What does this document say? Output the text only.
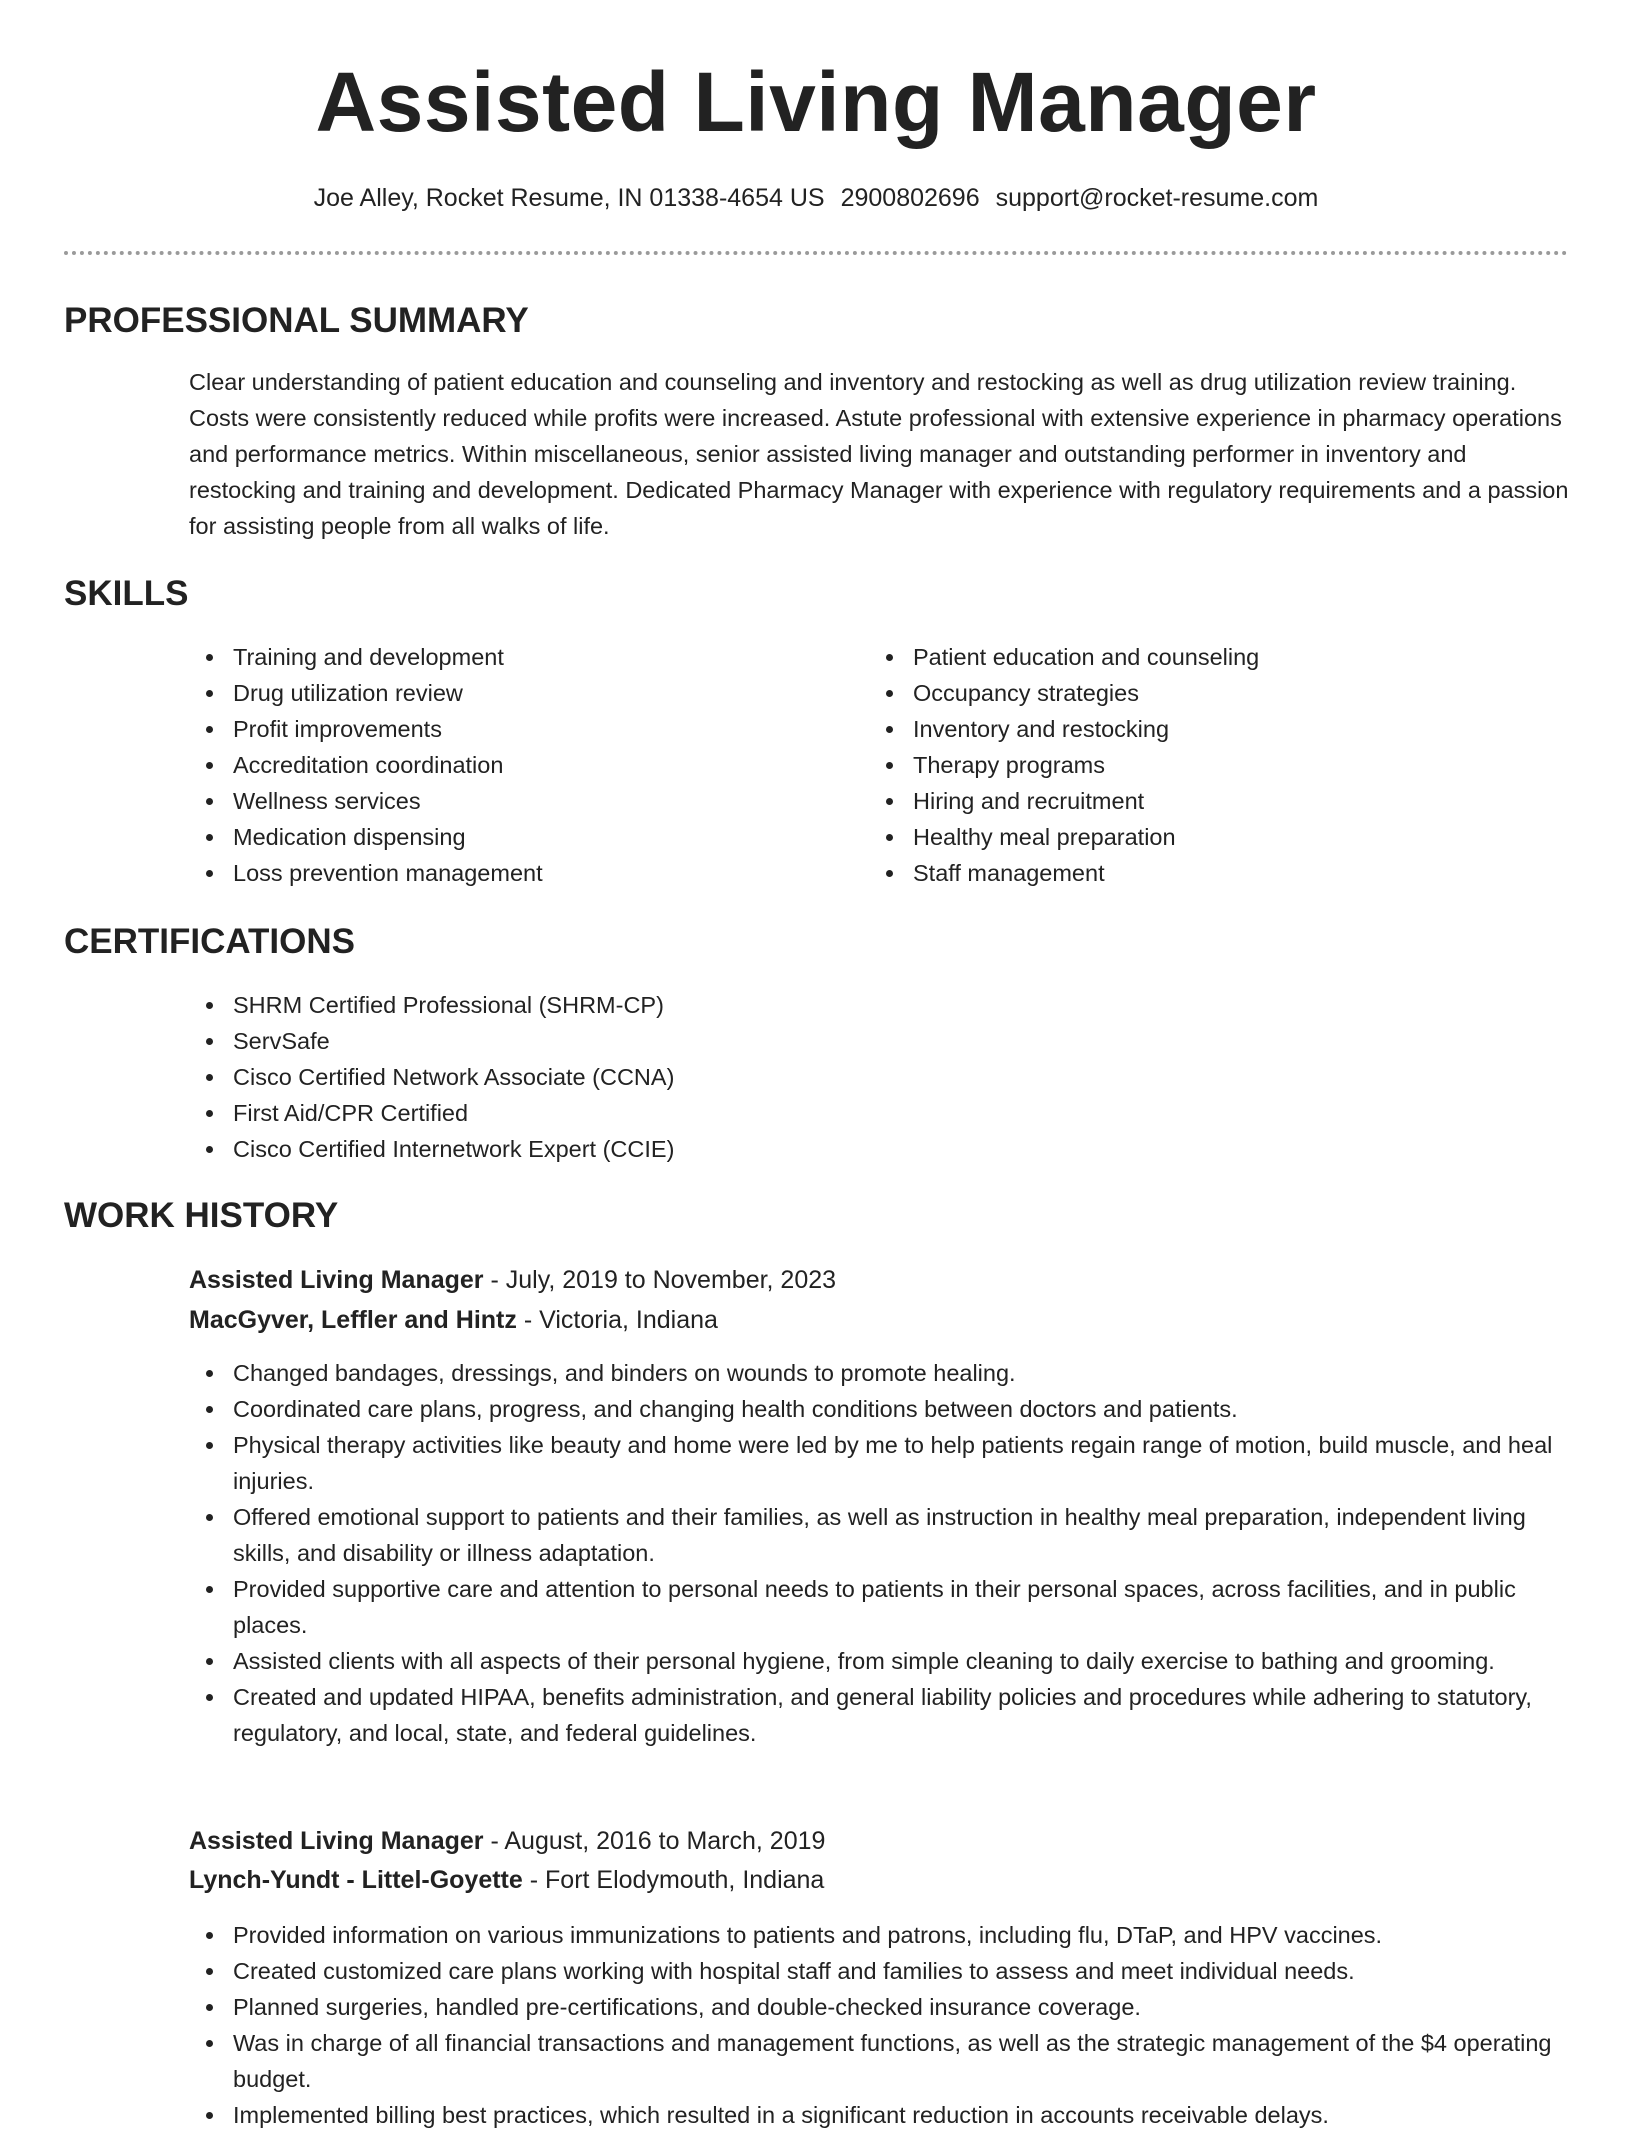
Assisted Living Manager
Joe Alley, Rocket Resume, IN 01338-4654 US 2900802696 support@rocket-resume.com
PROFESSIONAL SUMMARY

Clear understanding of patient education and counseling and inventory and restocking as well as drug utilization review training. Costs were consistently reduced while profits were increased. Astute professional with extensive experience in pharmacy operations and performance metrics. Within miscellaneous, senior assisted living manager and outstanding performer in inventory and restocking and training and development. Dedicated Pharmacy Manager with experience with regulatory requirements and a passion for assisting people from all walks of life.

SKILLS
Training and development
Drug utilization review
Profit improvements
Accreditation coordination
Wellness services
Medication dispensing
Loss prevention management
Patient education and counseling
Occupancy strategies
Inventory and restocking
Therapy programs
Hiring and recruitment
Healthy meal preparation
Staff management
CERTIFICATIONS
SHRM Certified Professional (SHRM-CP)
ServSafe
Cisco Certified Network Associate (CCNA)
First Aid/CPR Certified
Cisco Certified Internetwork Expert (CCIE)
WORK HISTORY
Assisted Living Manager - July, 2019 to November, 2023
MacGyver, Leffler and Hintz - Victoria, Indiana
Changed bandages, dressings, and binders on wounds to promote healing.
Coordinated care plans, progress, and changing health conditions between doctors and patients.
Physical therapy activities like beauty and home were led by me to help patients regain range of motion, build muscle, and heal injuries.
Offered emotional support to patients and their families, as well as instruction in healthy meal preparation, independent living skills, and disability or illness adaptation.
Provided supportive care and attention to personal needs to patients in their personal spaces, across facilities, and in public places.
Assisted clients with all aspects of their personal hygiene, from simple cleaning to daily exercise to bathing and grooming.
Created and updated HIPAA, benefits administration, and general liability policies and procedures while adhering to statutory, regulatory, and local, state, and federal guidelines.
Assisted Living Manager - August, 2016 to March, 2019
Lynch-Yundt - Littel-Goyette - Fort Elodymouth, Indiana
Provided information on various immunizations to patients and patrons, including flu, DTaP, and HPV vaccines.
Created customized care plans working with hospital staff and families to assess and meet individual needs.
Planned surgeries, handled pre-certifications, and double-checked insurance coverage.
Was in charge of all financial transactions and management functions, as well as the strategic management of the $4 operating budget.
Implemented billing best practices, which resulted in a significant reduction in accounts receivable delays.
